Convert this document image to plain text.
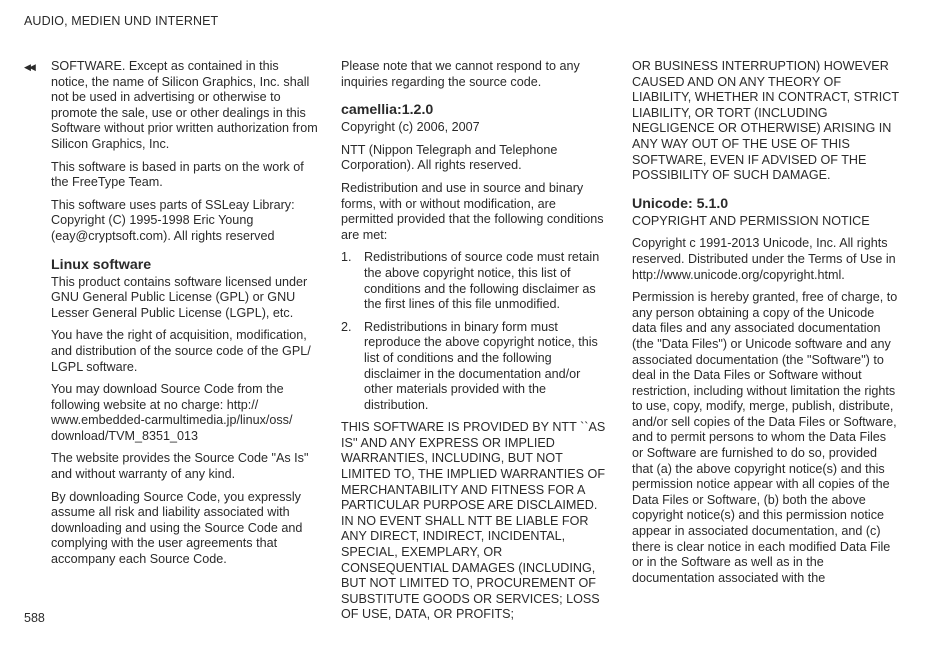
AUDIO, MEDIEN UND INTERNET
◀◀ SOFTWARE. Except as contained in this notice, the name of Silicon Graphics, Inc. shall not be used in advertising or otherwise to promote the sale, use or other dealings in this Software without prior written authorization from Silicon Graphics, Inc.

This software is based in parts on the work of the FreeType Team.

This software uses parts of SSLeay Library: Copyright (C) 1995-1998 Eric Young (eay@cryptsoft.com). All rights reserved

Linux software

This product contains software licensed under GNU General Public License (GPL) or GNU Lesser General Public License (LGPL), etc.

You have the right of acquisition, modification, and distribution of the source code of the GPL/ LGPL software.

You may download Source Code from the following website at no charge: http:// www.embedded-carmultimedia.jp/linux/oss/ download/TVM_8351_013

The website provides the Source Code "As Is" and without warranty of any kind.

By downloading Source Code, you expressly assume all risk and liability associated with downloading and using the Source Code and complying with the user agreements that accompany each Source Code.

Please note that we cannot respond to any inquiries regarding the source code.

camellia:1.2.0

Copyright (c) 2006, 2007

NTT (Nippon Telegraph and Telephone Corporation). All rights reserved.

Redistribution and use in source and binary forms, with or without modification, are permitted provided that the following conditions are met:

1. Redistributions of source code must retain the above copyright notice, this list of conditions and the following disclaimer as the first lines of this file unmodified.
2. Redistributions in binary form must reproduce the above copyright notice, this list of conditions and the following disclaimer in the documentation and/or other materials provided with the distribution.

THIS SOFTWARE IS PROVIDED BY NTT ``AS IS'' AND ANY EXPRESS OR IMPLIED WARRANTIES, INCLUDING, BUT NOT LIMITED TO, THE IMPLIED WARRANTIES OF MERCHANTABILITY AND FITNESS FOR A PARTICULAR PURPOSE ARE DISCLAIMED. IN NO EVENT SHALL NTT BE LIABLE FOR ANY DIRECT, INDIRECT, INCIDENTAL, SPECIAL, EXEMPLARY, OR CONSEQUENTIAL DAMAGES (INCLUDING, BUT NOT LIMITED TO, PROCUREMENT OF SUBSTITUTE GOODS OR SERVICES; LOSS OF USE, DATA, OR PROFITS;

OR BUSINESS INTERRUPTION) HOWEVER CAUSED AND ON ANY THEORY OF LIABILITY, WHETHER IN CONTRACT, STRICT LIABILITY, OR TORT (INCLUDING NEGLIGENCE OR OTHERWISE) ARISING IN ANY WAY OUT OF THE USE OF THIS SOFTWARE, EVEN IF ADVISED OF THE POSSIBILITY OF SUCH DAMAGE.

Unicode: 5.1.0

COPYRIGHT AND PERMISSION NOTICE

Copyright c 1991-2013 Unicode, Inc. All rights reserved. Distributed under the Terms of Use in http://www.unicode.org/copyright.html.

Permission is hereby granted, free of charge, to any person obtaining a copy of the Unicode data files and any associated documentation (the "Data Files") or Unicode software and any associated documentation (the "Software") to deal in the Data Files or Software without restriction, including without limitation the rights to use, copy, modify, merge, publish, distribute, and/or sell copies of the Data Files or Software, and to permit persons to whom the Data Files or Software are furnished to do so, provided that (a) the above copyright notice(s) and this permission notice appear with all copies of the Data Files or Software, (b) both the above copyright notice(s) and this permission notice appear in associated documentation, and (c) there is clear notice in each modified Data File or in the Software as well as in the documentation associated with the

588
